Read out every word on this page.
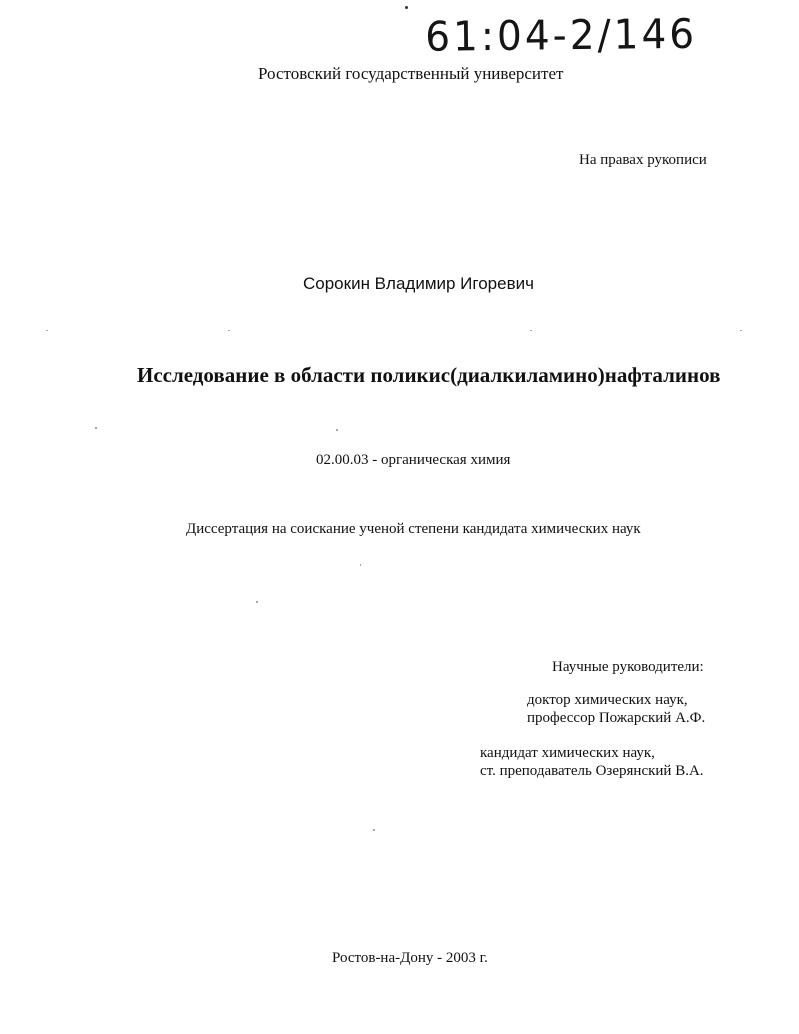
61:04-2/146
Ростовский государственный университет
На правах рукописи
Сорокин Владимир Игоревич
Исследование в области поликис(диалкиламино)нафталинов
02.00.03 - органическая химия
Диссертация на соискание ученой степени кандидата химических наук
Научные руководители:
доктор химических наук,
профессор Пожарский А.Ф.
кандидат химических наук,
ст. преподаватель Озерянский В.А.
Ростов-на-Дону - 2003 г.
